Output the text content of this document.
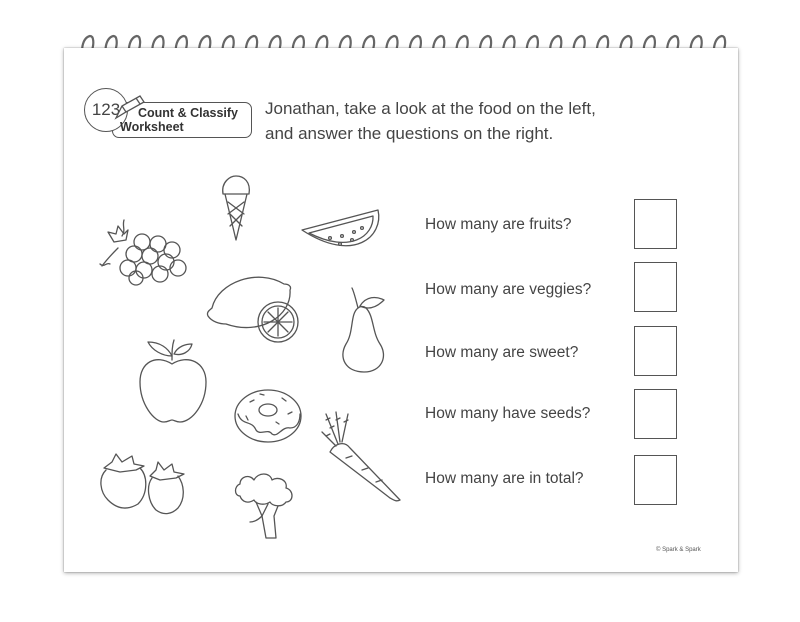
123	Count & Classify
Worksheet
Jonathan, take a look at the food on the left,
and answer the questions on the right.
How many are fruits?
How many are veggies?
How many are sweet?
How many have seeds?
How many are in total?
© Spark & Spark
